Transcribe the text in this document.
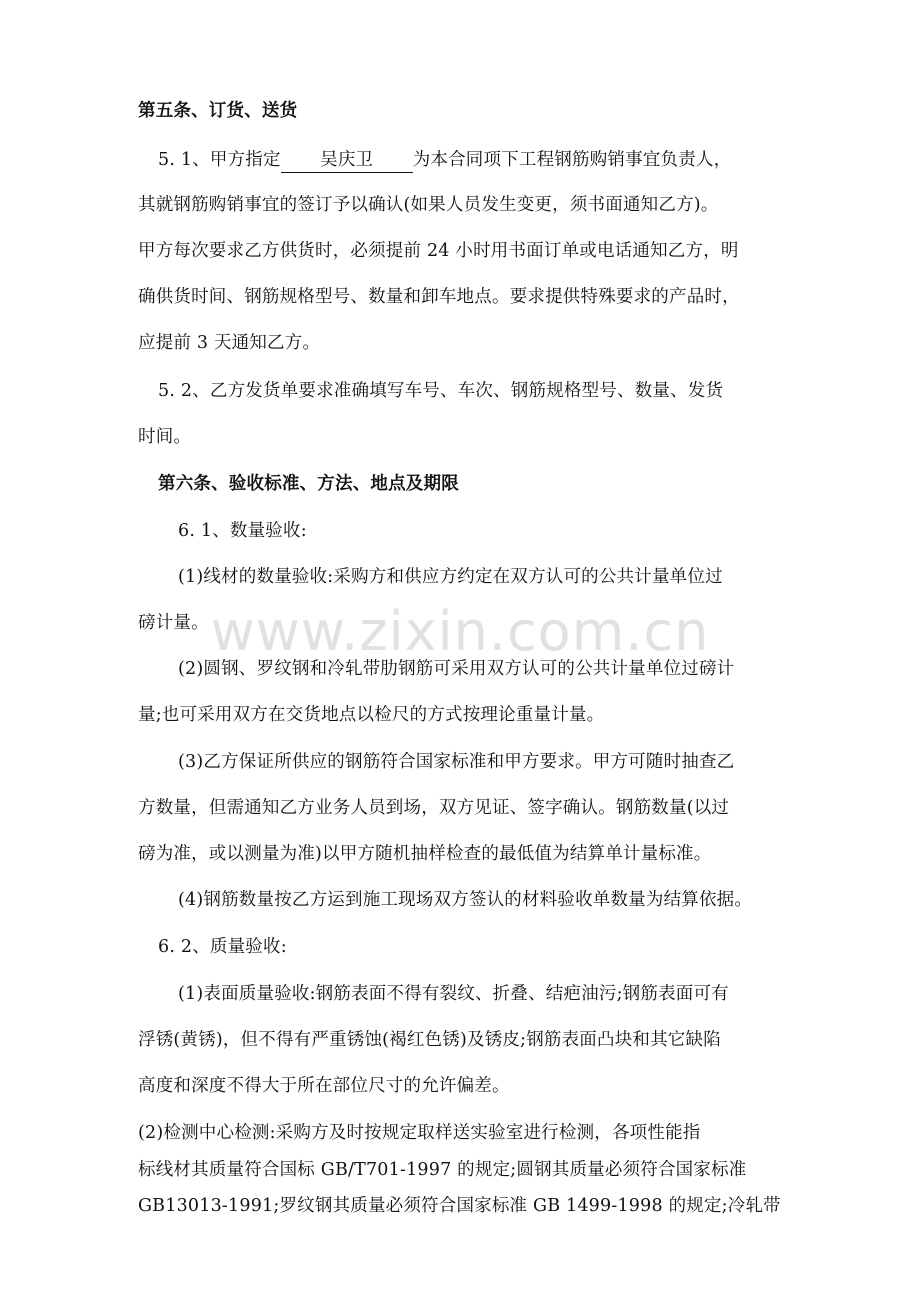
www.zixin.com.cn
第五条、订货、送货
5. 1、甲方指定 吴庆卫 为本合同项下工程钢筋购销事宜负责人，
其就钢筋购销事宜的签订予以确认(如果人员发生变更，须书面通知乙方)。
甲方每次要求乙方供货时，必须提前 24 小时用书面订单或电话通知乙方，明
确供货时间、钢筋规格型号、数量和卸车地点。要求提供特殊要求的产品时，
应提前 3 天通知乙方。
5. 2、乙方发货单要求准确填写车号、车次、钢筋规格型号、数量、发货
时间。
第六条、验收标准、方法、地点及期限
6. 1、数量验收:
(1)线材的数量验收:采购方和供应方约定在双方认可的公共计量单位过
磅计量。
(2)圆钢、罗纹钢和冷轧带肋钢筋可采用双方认可的公共计量单位过磅计
量;也可采用双方在交货地点以检尺的方式按理论重量计量。
(3)乙方保证所供应的钢筋符合国家标准和甲方要求。甲方可随时抽查乙
方数量，但需通知乙方业务人员到场，双方见证、签字确认。钢筋数量(以过
磅为准，或以测量为准)以甲方随机抽样检查的最低值为结算单计量标准。
(4)钢筋数量按乙方运到施工现场双方签认的材料验收单数量为结算依据。
6. 2、质量验收:
(1)表面质量验收:钢筋表面不得有裂纹、折叠、结疤油污;钢筋表面可有
浮锈(黄锈)，但不得有严重锈蚀(褐红色锈)及锈皮;钢筋表面凸块和其它缺陷
高度和深度不得大于所在部位尺寸的允许偏差。
(2)检测中心检测:采购方及时按规定取样送实验室进行检测，各项性能指
标线材其质量符合国标 GB/T701-1997 的规定;圆钢其质量必须符合国家标准
GB13013-1991;罗纹钢其质量必须符合国家标准 GB 1499-1998 的规定;冷轧带
